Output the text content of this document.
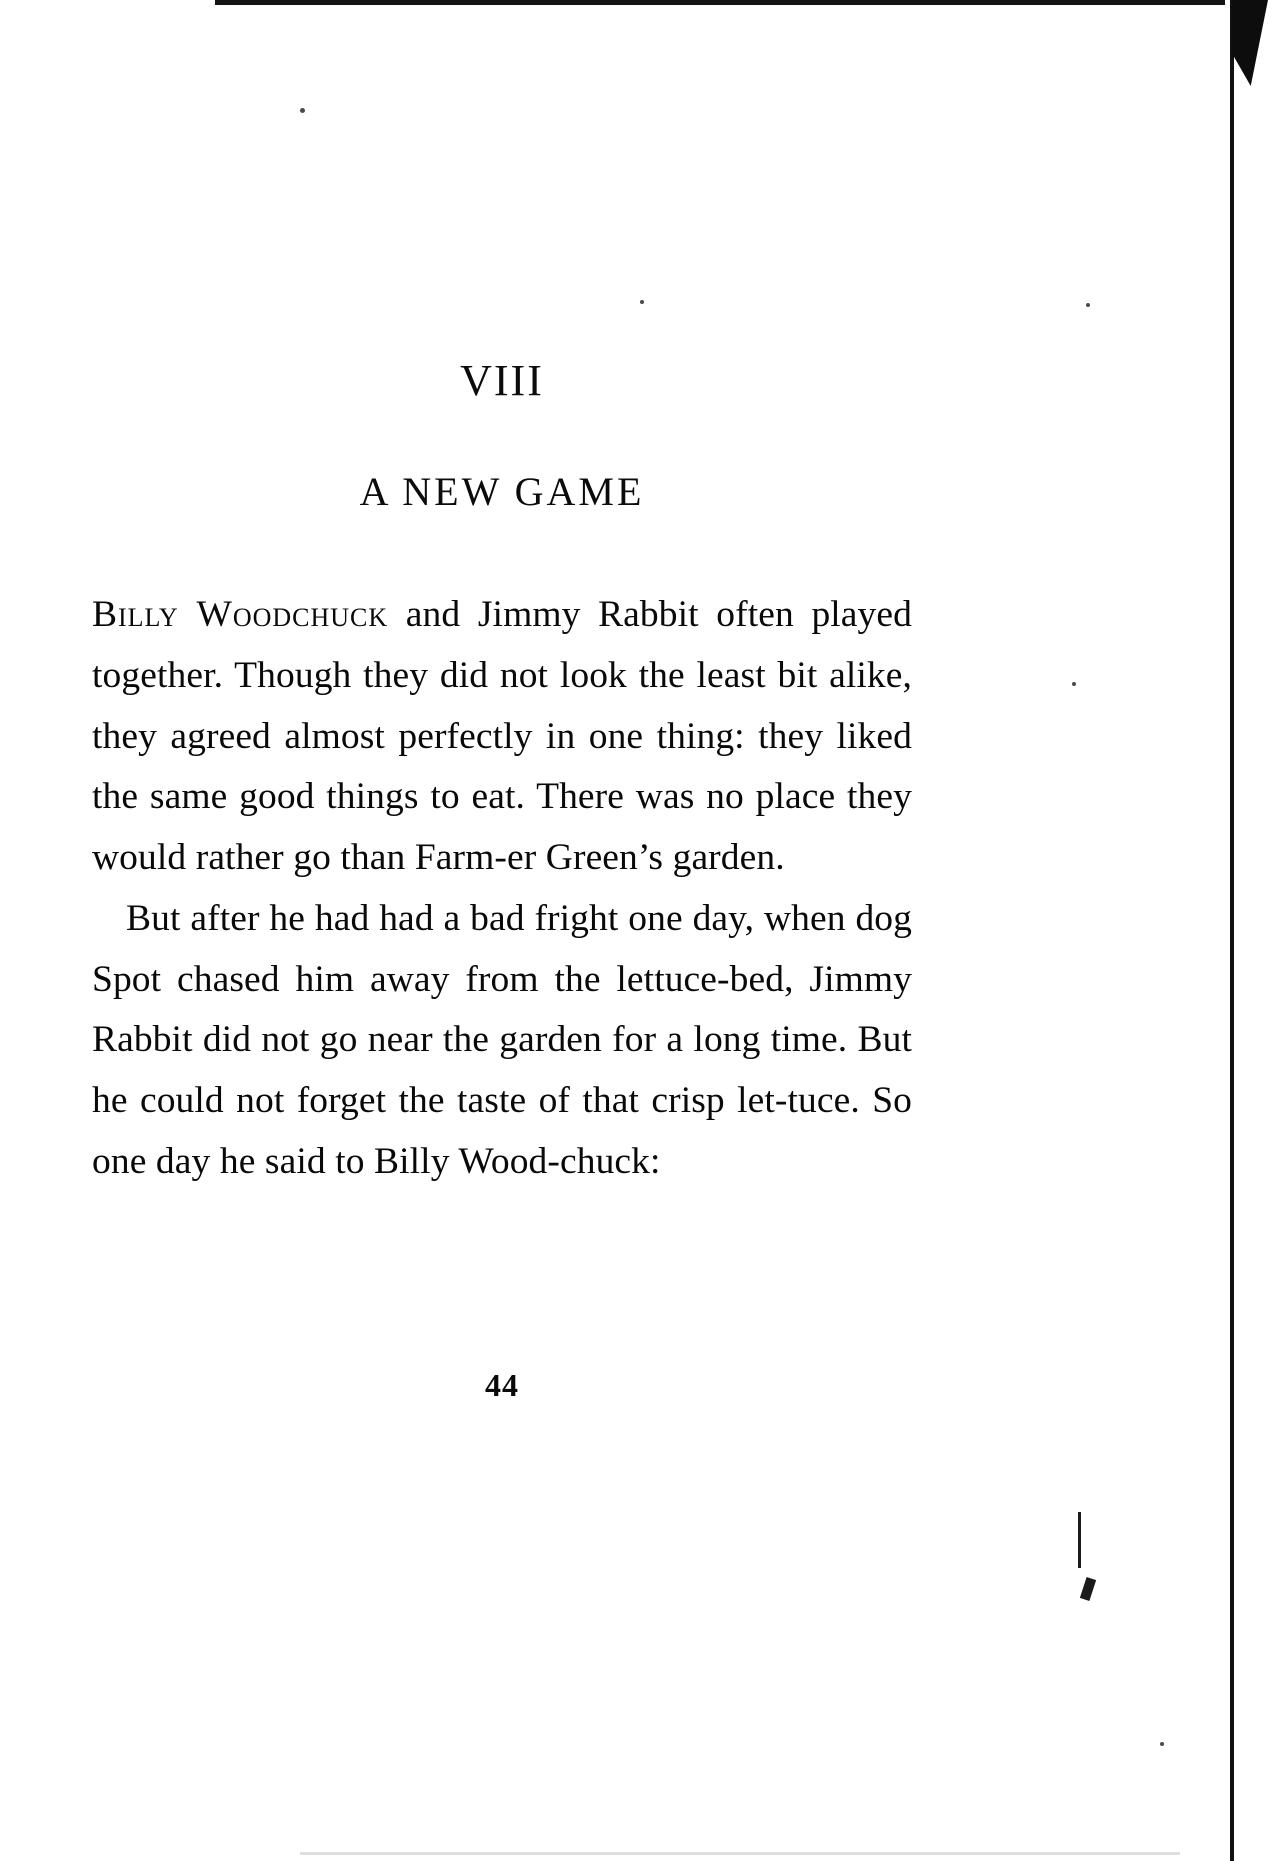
VIII
A NEW GAME

Billy Woodchuck and Jimmy Rabbit often played together. Though they did not look the least bit alike, they agreed almost perfectly in one thing: they liked the same good things to eat. There was no place they would rather go than Farm‑er Green’s garden.

But after he had had a bad fright one day, when dog Spot chased him away from the lettuce-bed, Jimmy Rabbit did not go near the garden for a long time. But he could not forget the taste of that crisp let-tuce. So one day he said to Billy Wood-chuck:

44
